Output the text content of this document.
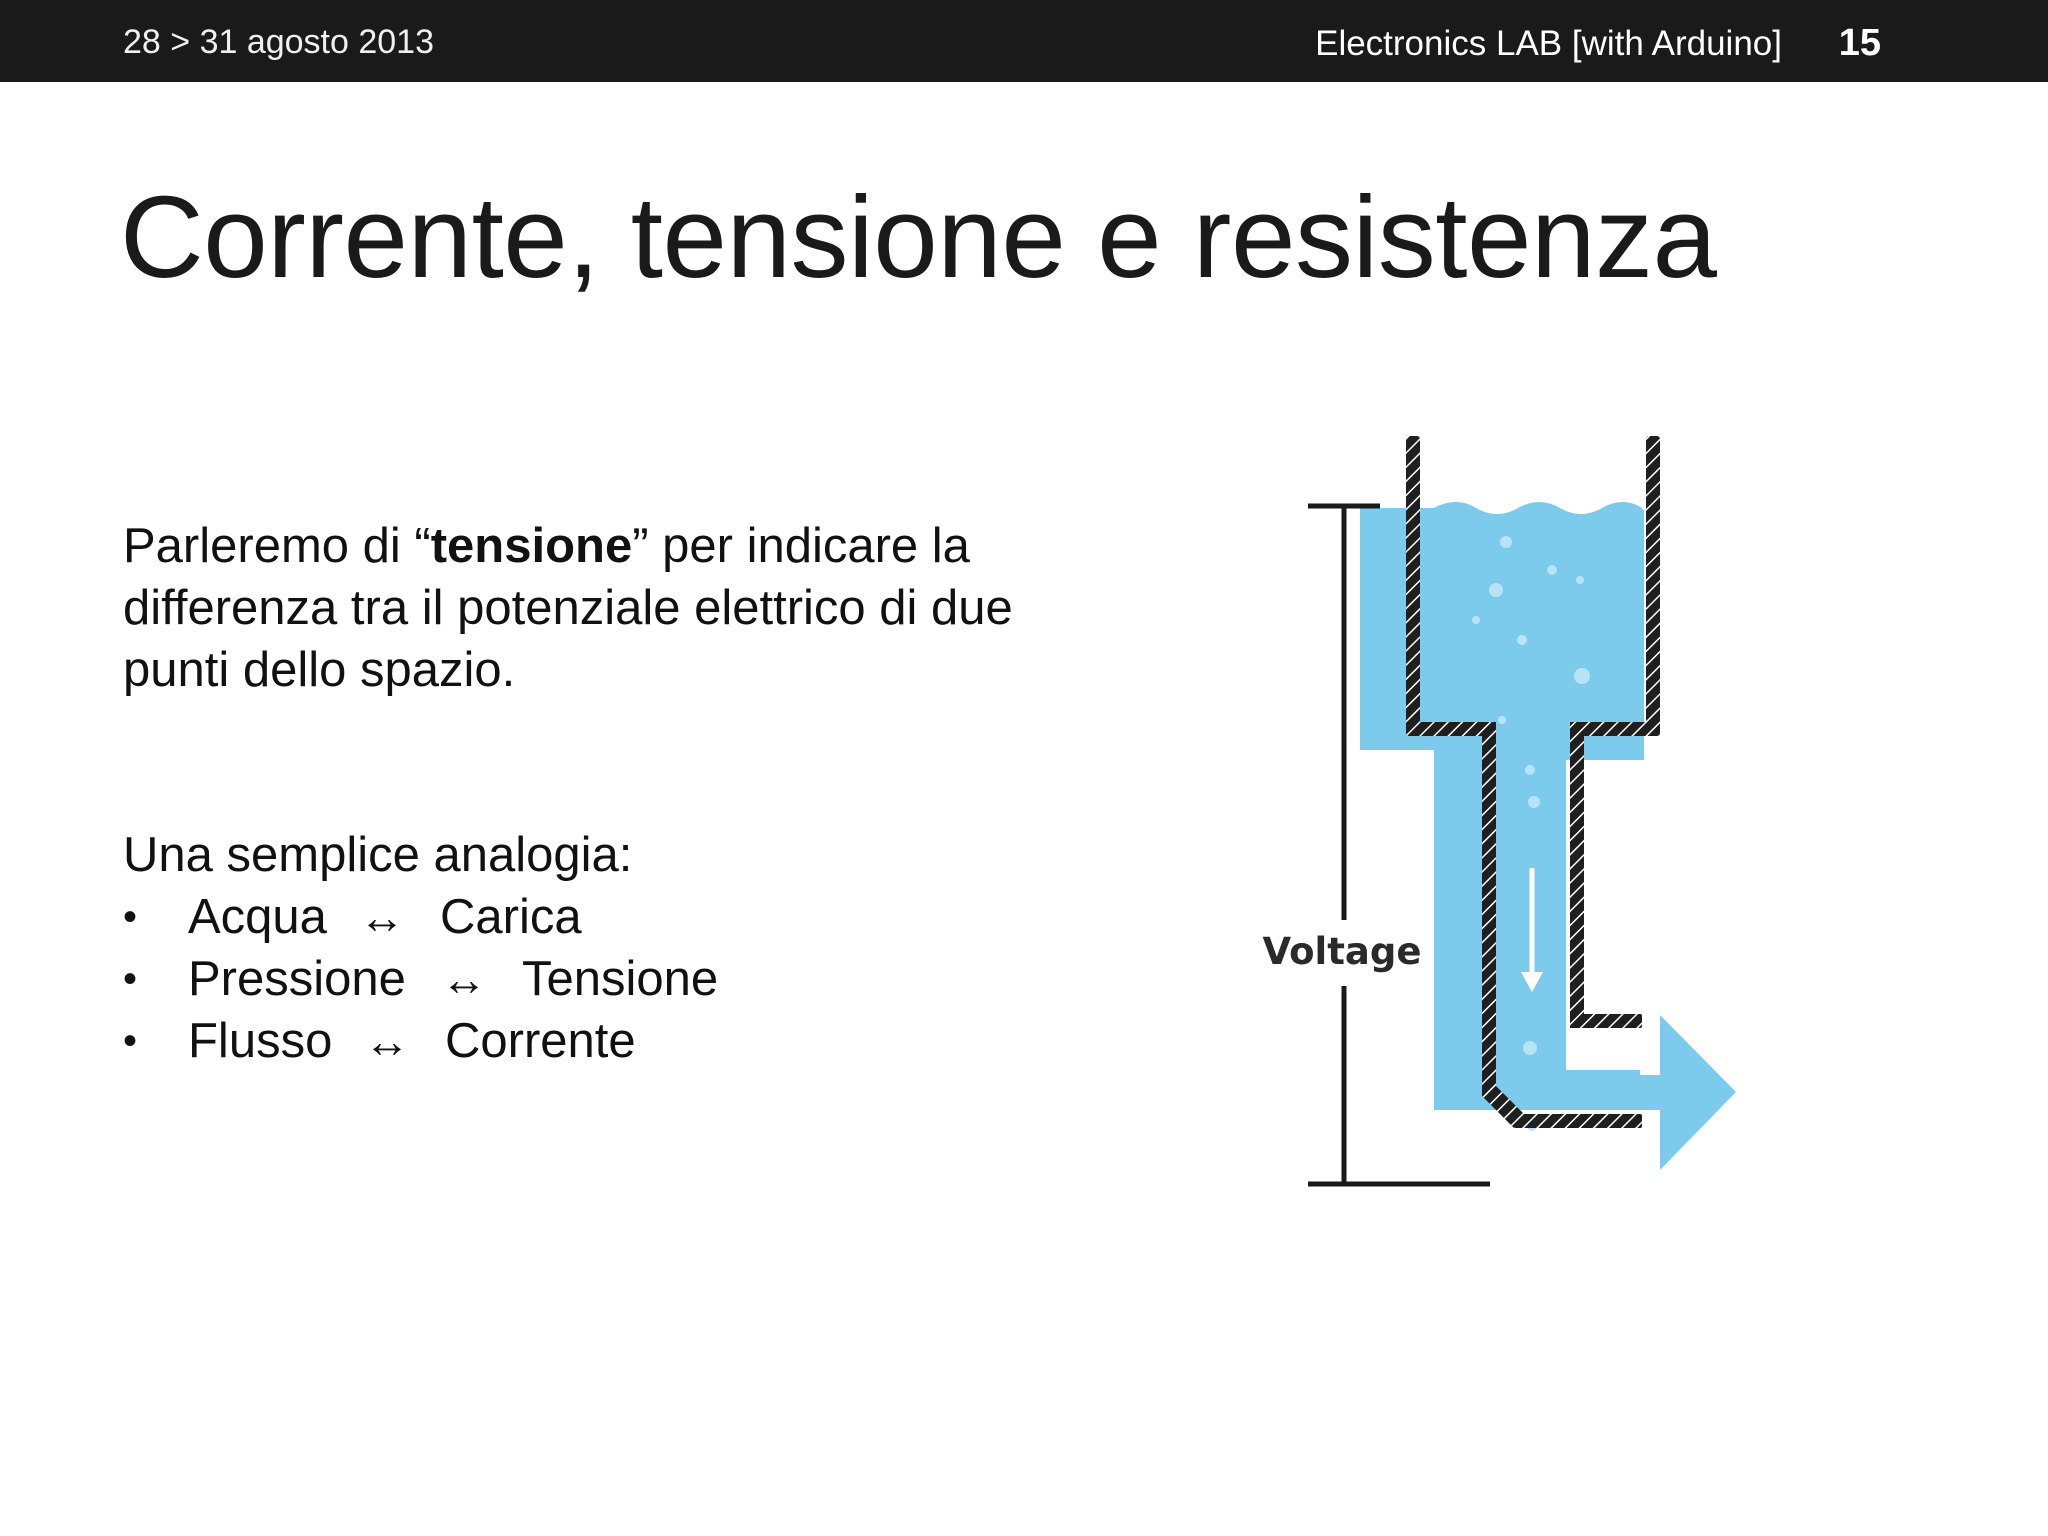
28 > 31 agosto 2013	Electronics LAB [with Arduino] 15
Corrente, tensione e resistenza

Parleremo di “tensione” per indicare la differenza tra il potenziale elettrico di due punti dello spazio.

Una semplice analogia:
• Acqua ↔ Carica
• Pressione ↔ Tensione
• Flusso ↔ Corrente
Voltage
